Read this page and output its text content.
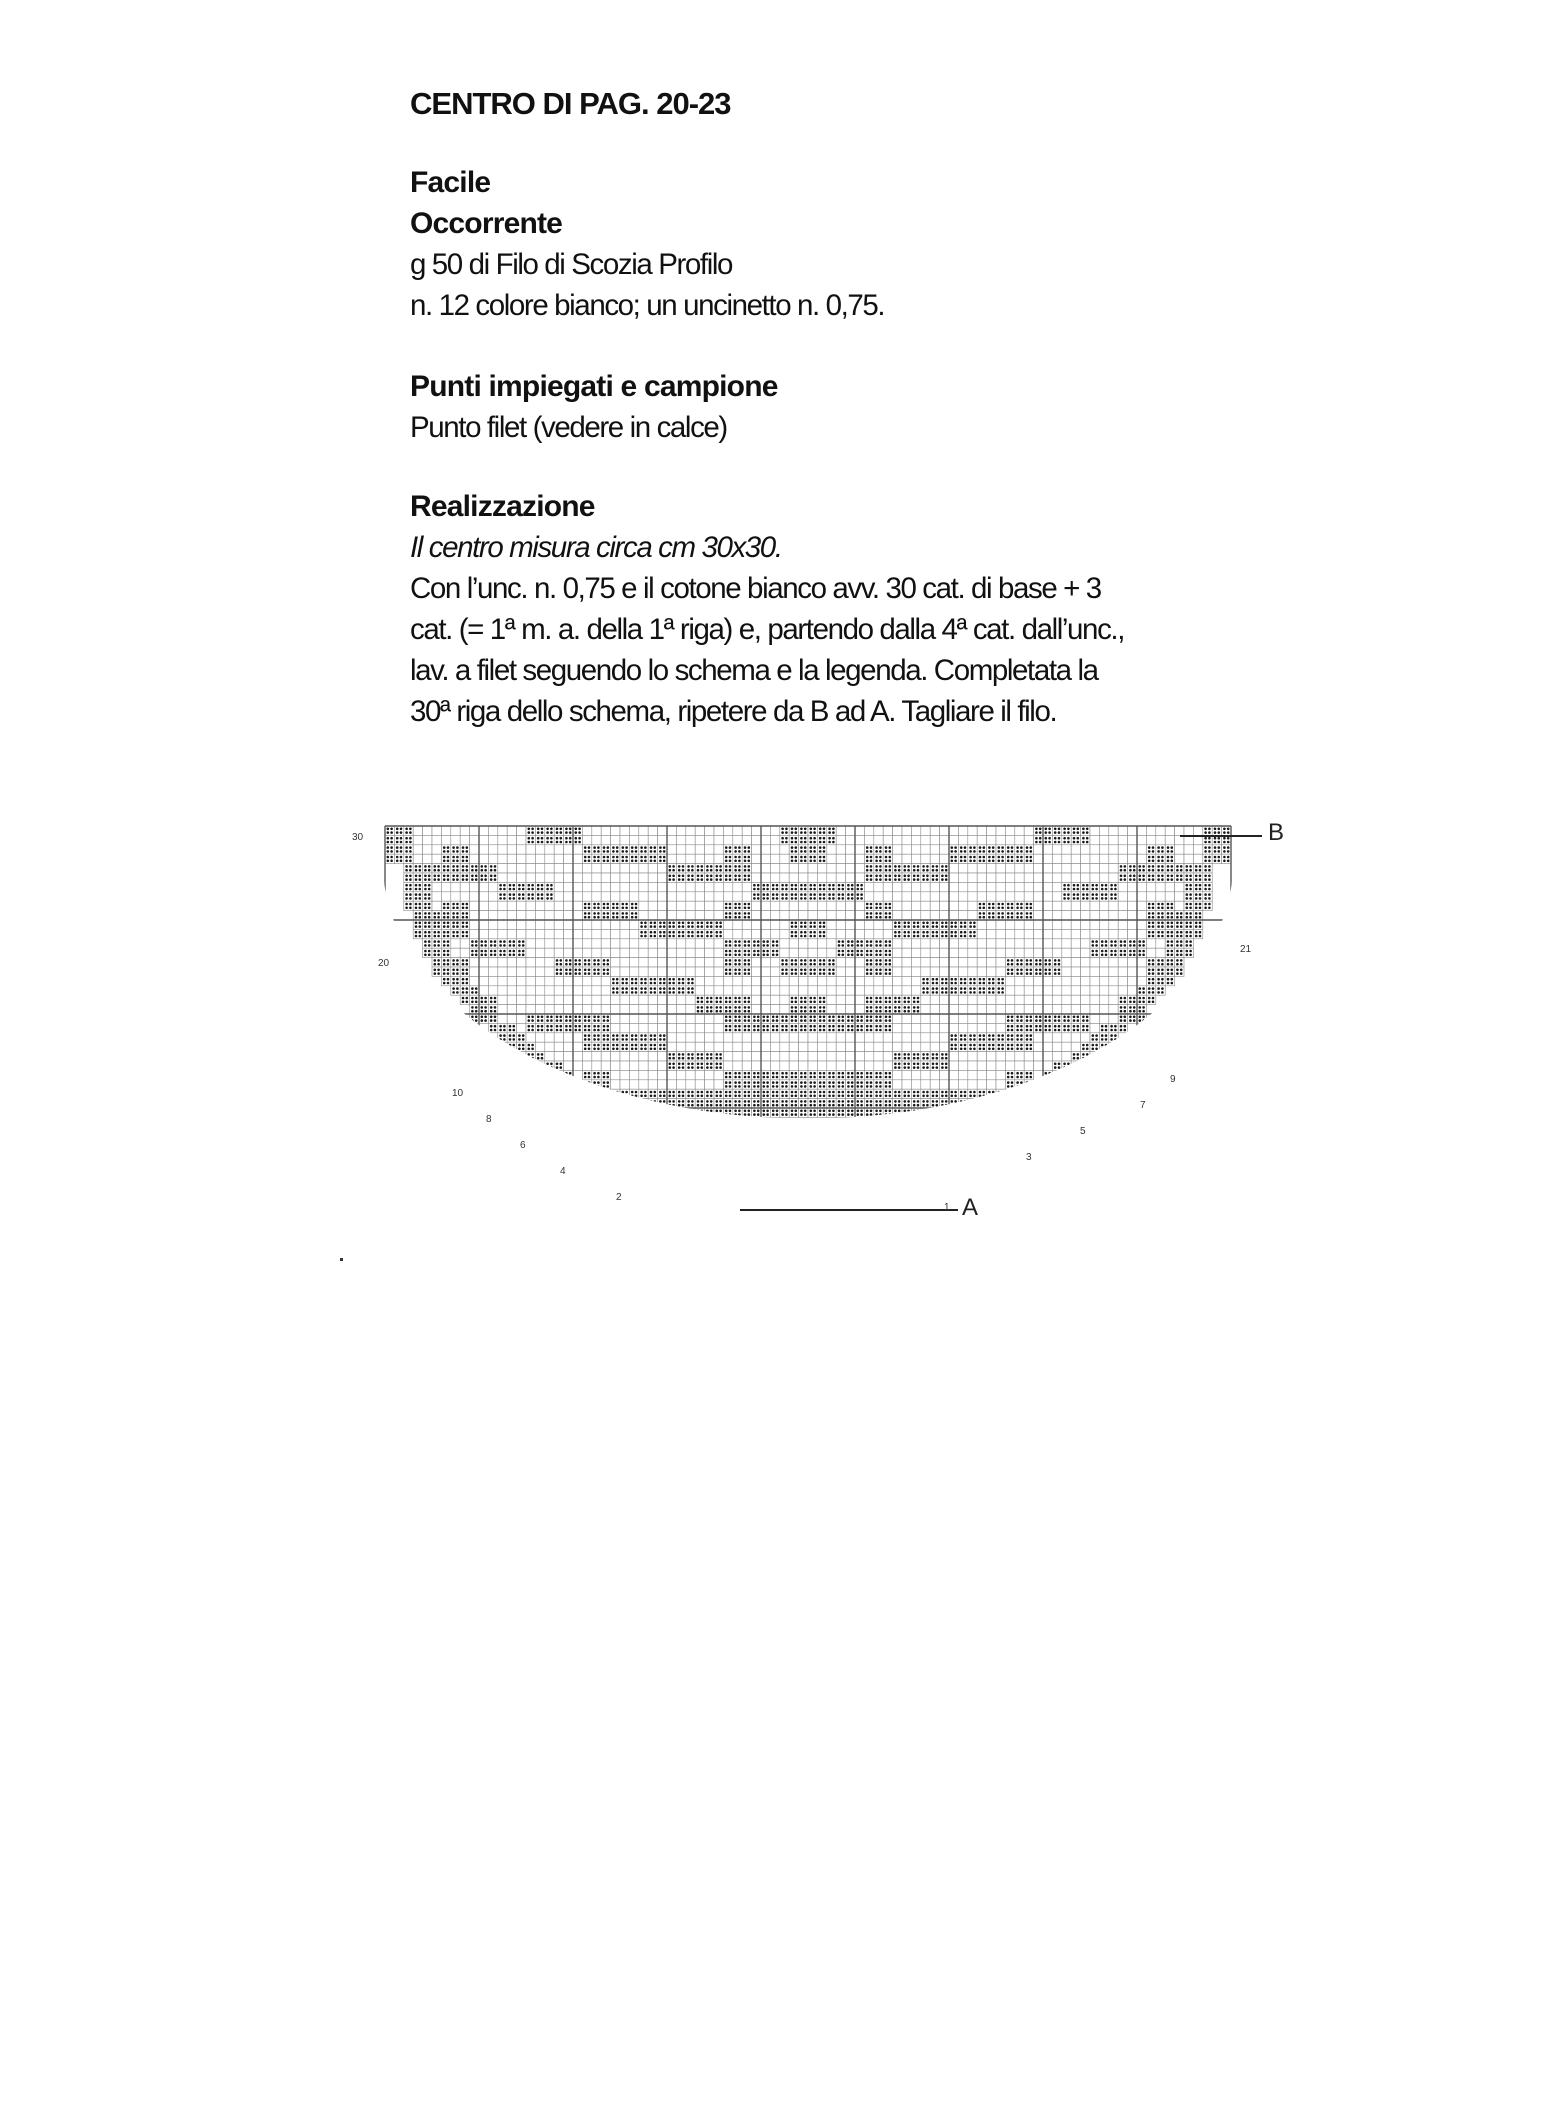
CENTRO DI PAG. 20-23

Facile

Occorrente

g 50 di Filo di Scozia Profilo

n. 12 colore bianco; un uncinetto n. 0,75.

Punti impiegati e campione

Punto filet (vedere in calce)

Realizzazione

Il centro misura circa cm 30x30.

Con l’unc. n. 0,75 e il cotone bianco avv. 30 cat. di base + 3

cat. (= 1ª m. a. della 1ª riga) e, partendo dalla 4ª cat. dall’unc.,

lav. a filet seguendo lo schema e la legenda. Completata la

30ª riga dello schema, ripetere da B ad A. Tagliare il filo.

B
A
30
20
10
8
6
4
2
21
9
7
5
3
1
